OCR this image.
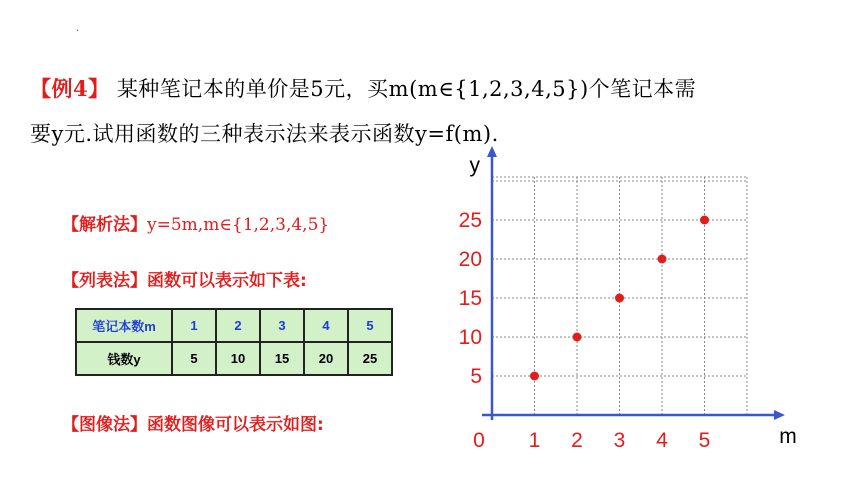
·
【例4】 某种笔记本的单价是5元，买m(m∈{1,2,3,4,5})个笔记本需
要y元.试用函数的三种表示法来表示函数y=f(m).
【解析法】y=5m,m∈{1,2,3,4,5}
【列表法】函数可以表示如下表:
笔记本数m	1	2	3	4	5
钱数y	5	10	15	20	25
【图像法】函数图像可以表示如图:
y
m
0 1 2 3 4 5
5
10
15
20
25
